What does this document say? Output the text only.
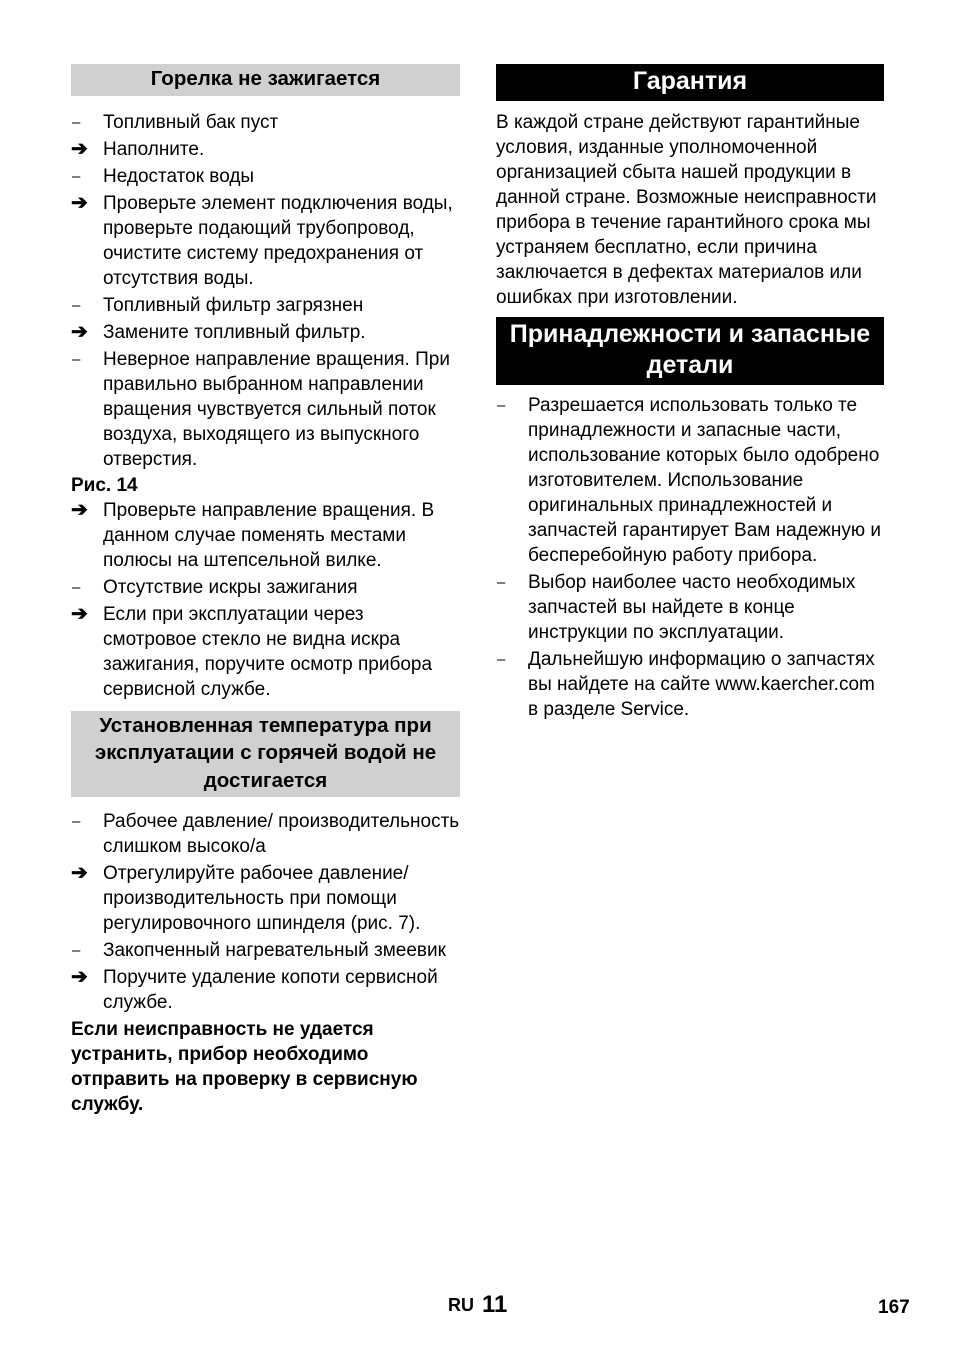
Горелка не зажигается
–	Топливный бак пуст
➔ Наполните.
–	Недостаток воды
➔ Проверьте элемент подключения воды, проверьте подающий трубопровод, очистите систему предохранения от отсутствия воды.
–	Топливный фильтр загрязнен
➔ Замените топливный фильтр.
–	Неверное направление вращения. При правильно выбранном направлении вращения чувствуется сильный поток воздуха, выходящего из выпускного отверстия.
Рис. 14
➔ Проверьте направление вращения. В данном случае поменять местами полюсы на штепсельной вилке.
–	Отсутствие искры зажигания
➔ Если при эксплуатации через смотровое стекло не видна искра зажигания, поручите осмотр прибора сервисной службе.
Установленная температура при эксплуатации с горячей водой не достигается
–	Рабочее давление/ производительность слишком высоко/а
➔ Отрегулируйте рабочее давление/ производительность при помощи регулировочного шпинделя (рис. 7).
–	Закопченный нагревательный змеевик
➔ Поручите удаление копоти сервисной службе.
Если неисправность не удается устранить, прибор необходимо отправить на проверку в сервисную службу.
Гарантия
В каждой стране действуют гарантийные условия, изданные уполномоченной организацией сбыта нашей продукции в данной стране. Возможные неисправности прибора в течение гарантийного срока мы устраняем бесплатно, если причина заключается в дефектах материалов или ошибках при изготовлении.
Принадлежности и запасные детали
–	Разрешается использовать только те принадлежности и запасные части, использование которых было одобрено изготовителем. Использование оригинальных принадлежностей и запчастей гарантирует Вам надежную и бесперебойную работу прибора.
–	Выбор наиболее часто необходимых запчастей вы найдете в конце инструкции по эксплуатации.
–	Дальнейшую информацию о запчастях вы найдете на сайте www.kaercher.com в разделе Service.
RU 11	167
